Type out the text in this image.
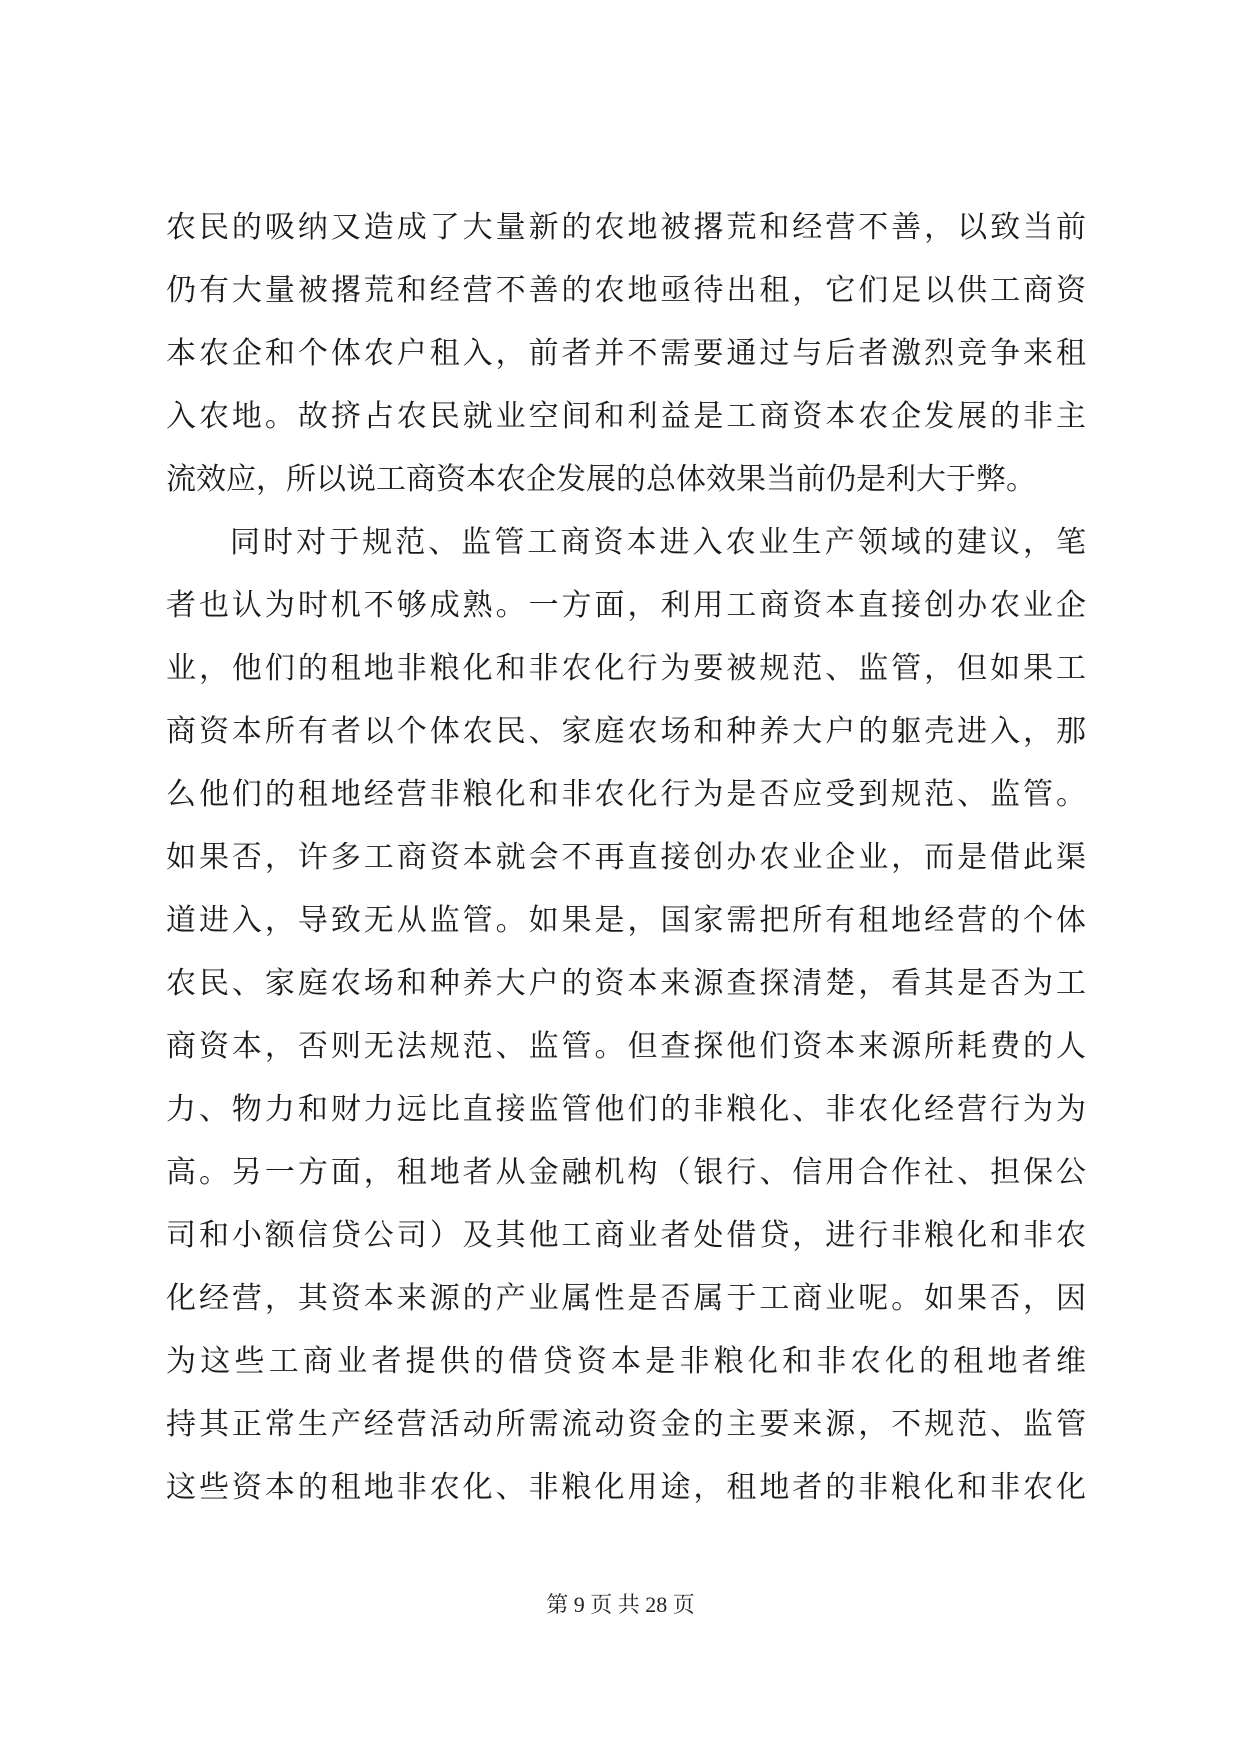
农民的吸纳又造成了大量新的农地被撂荒和经营不善，以致当前
仍有大量被撂荒和经营不善的农地亟待出租，它们足以供工商资
本农企和个体农户租入，前者并不需要通过与后者激烈竞争来租
入农地。故挤占农民就业空间和利益是工商资本农企发展的非主
流效应，所以说工商资本农企发展的总体效果当前仍是利大于弊。
同时对于规范、监管工商资本进入农业生产领域的建议，笔
者也认为时机不够成熟。一方面，利用工商资本直接创办农业企
业，他们的租地非粮化和非农化行为要被规范、监管，但如果工
商资本所有者以个体农民、家庭农场和种养大户的躯壳进入，那
么他们的租地经营非粮化和非农化行为是否应受到规范、监管。
如果否，许多工商资本就会不再直接创办农业企业，而是借此渠
道进入，导致无从监管。如果是，国家需把所有租地经营的个体
农民、家庭农场和种养大户的资本来源查探清楚，看其是否为工
商资本，否则无法规范、监管。但查探他们资本来源所耗费的人
力、物力和财力远比直接监管他们的非粮化、非农化经营行为为
高。另一方面，租地者从金融机构（银行、信用合作社、担保公
司和小额信贷公司）及其他工商业者处借贷，进行非粮化和非农
化经营，其资本来源的产业属性是否属于工商业呢。如果否，因
为这些工商业者提供的借贷资本是非粮化和非农化的租地者维
持其正常生产经营活动所需流动资金的主要来源，不规范、监管
这些资本的租地非农化、非粮化用途，租地者的非粮化和非农化
第 9 页 共 28 页
